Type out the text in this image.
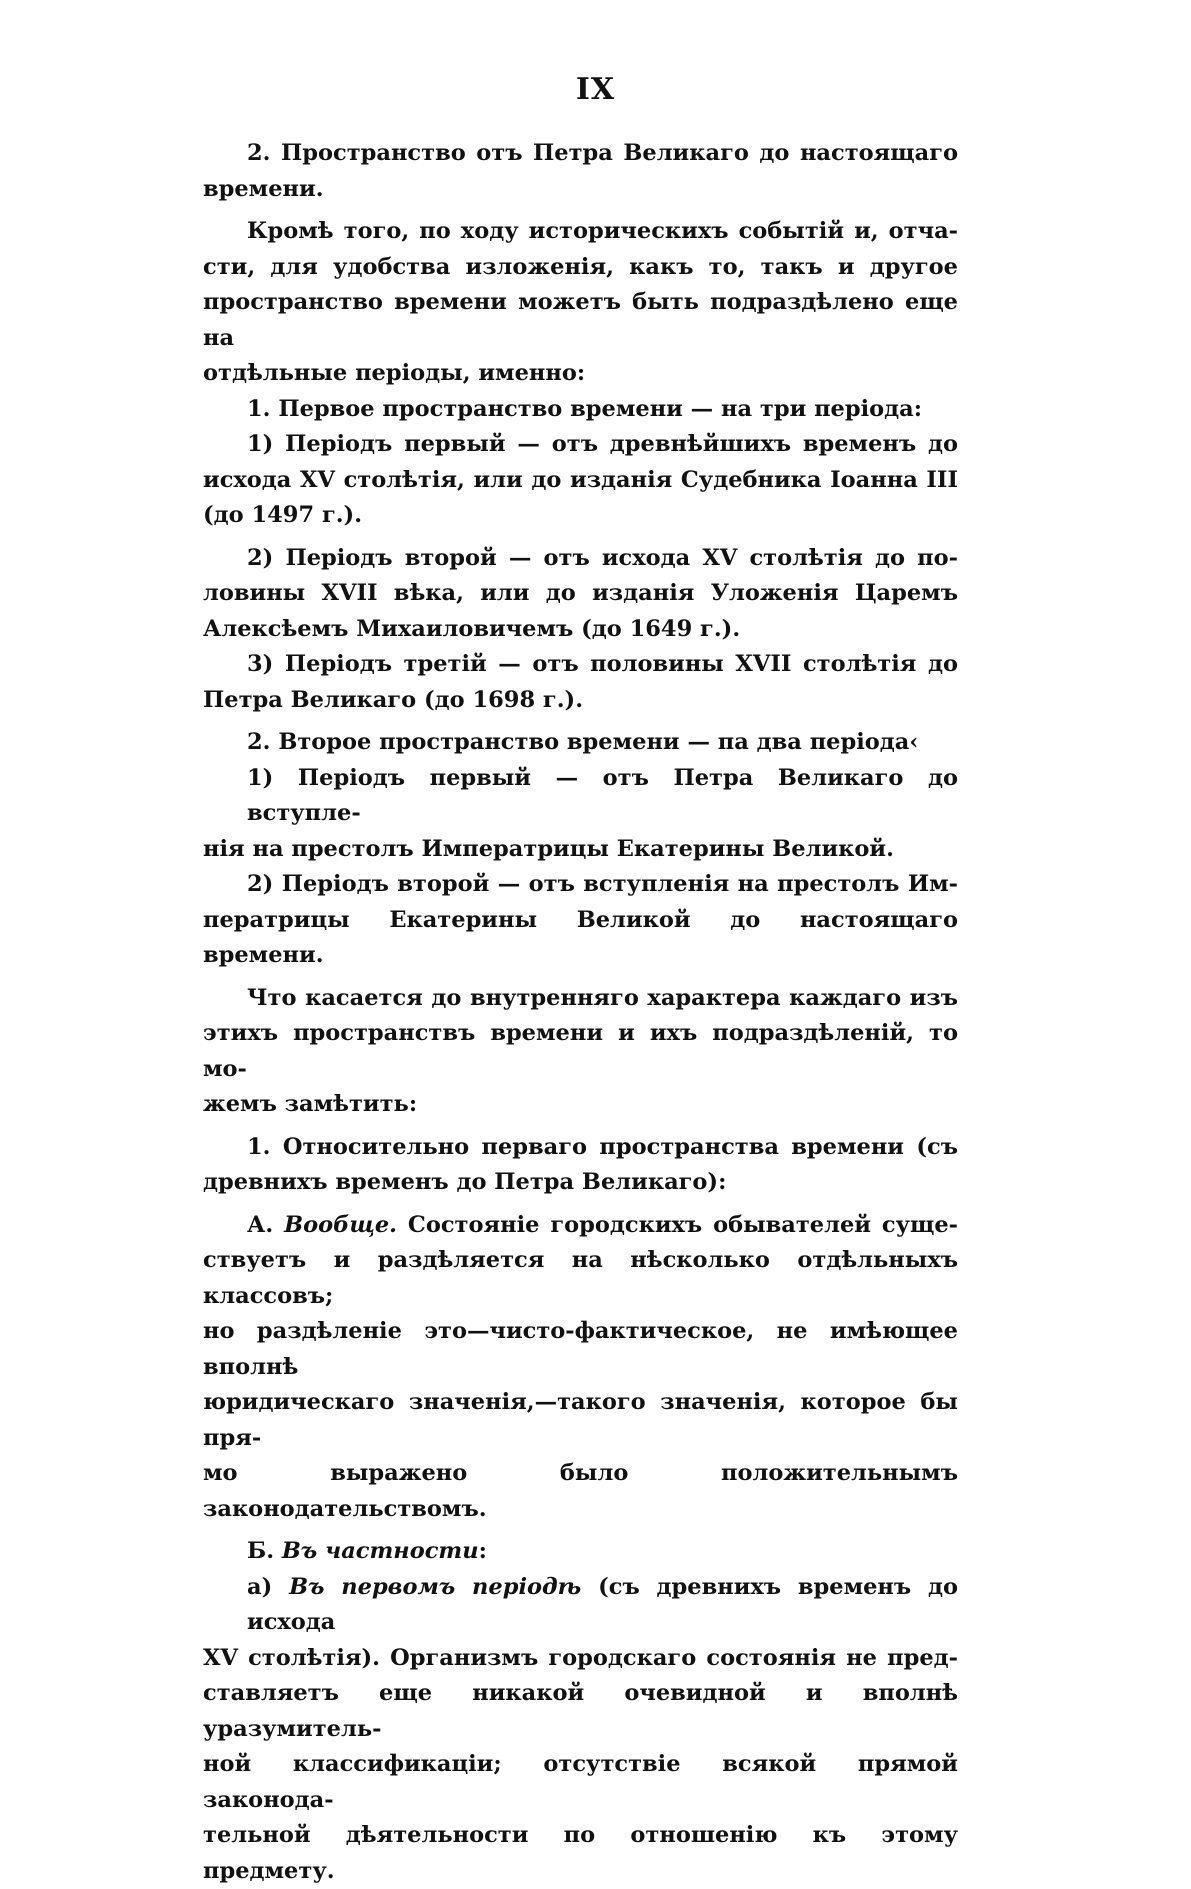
IX
2. Пространство отъ Петра Великаго до настоящаго
времени.
Кромѣ того, по ходу историческихъ событій и, отча-
сти, для удобства изложенія, какъ то, такъ и другое
пространство времени можетъ быть подраздѣлено еще на
отдѣльные періоды, именно:
1. Первое пространство времени — на три періода:
1) Періодъ первый — отъ древнѣйшихъ временъ до
исхода XV столѣтія, или до изданія Судебника Іоанна III
(до 1497 г.).
2) Періодъ второй — отъ исхода XV столѣтія до по-
ловины XVII вѣка, или до изданія Уложенія Царемъ
Алексѣемъ Михаиловичемъ (до 1649 г.).
3) Періодъ третій — отъ половины XVII столѣтія до
Петра Великаго (до 1698 г.).
2. Второе пространство времени — па два періода‹
1) Періодъ первый — отъ Петра Великаго до вступле-
нія на престолъ Императрицы Екатерины Великой.
2) Періодъ второй — отъ вступленія на престолъ Им-
ператрицы Екатерины Великой до настоящаго времени.
Что касается до внутренняго характера каждаго изъ
этихъ пространствъ времени и ихъ подраздѣленій, то мо-
жемъ замѣтить:
1. Относительно перваго пространства времени (съ
древнихъ временъ до Петра Великаго):
А. Вообще. Состояніе городскихъ обывателей суще-
ствуетъ и раздѣляется на нѣсколько отдѣльныхъ классовъ;
но раздѣленіе это—чисто-фактическое, не имѣющее вполнѣ
юридическаго значенія,—такого значенія, которое бы пря-
мо выражено было положительнымъ законодательствомъ.
Б. Въ частности:
а) Въ первомъ періодѣ (съ древнихъ временъ до исхода
XV столѣтія). Организмъ городскаго состоянія не пред-
ставляетъ еще никакой очевидной и вполнѣ уразумитель-
ной классификаціи; отсутствіе всякой прямой законода-
тельной дѣятельности по отношенію къ этому предмету.
